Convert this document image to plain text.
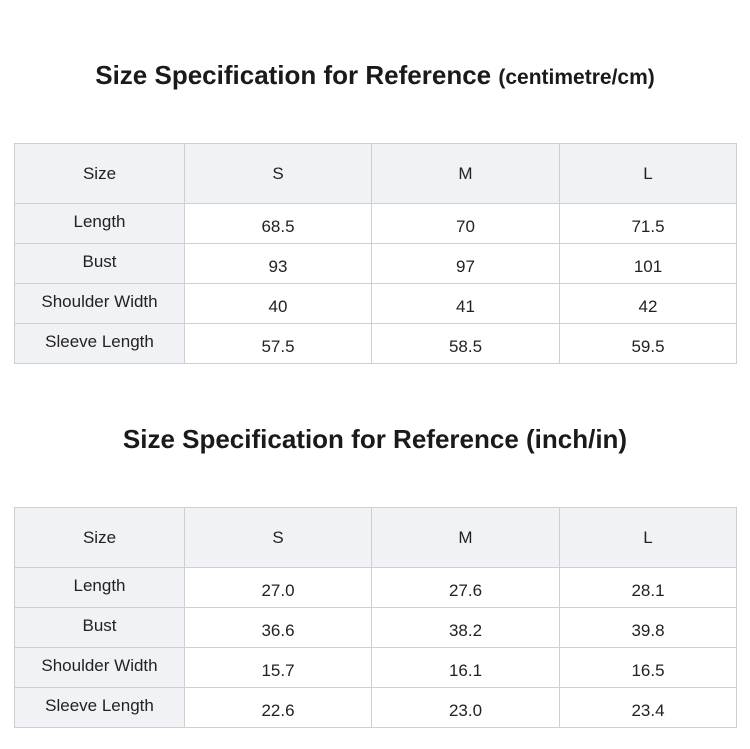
Size Specification for Reference (centimetre/cm)
Size	S	M	L
Length	68.5	70	71.5
Bust	93	97	101
Shoulder Width	40	41	42
Sleeve Length	57.5	58.5	59.5
Size Specification for Reference (inch/in)
Size	S	M	L
Length	27.0	27.6	28.1
Bust	36.6	38.2	39.8
Shoulder Width	15.7	16.1	16.5
Sleeve Length	22.6	23.0	23.4
